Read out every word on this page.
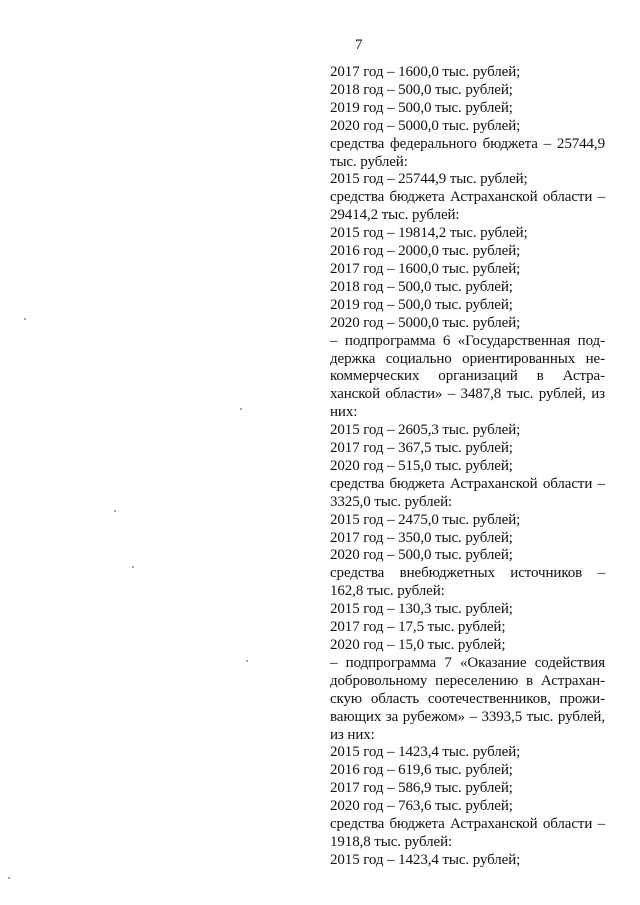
7
2017 год – 1600,0 тыс. рублей;
2018 год – 500,0 тыс. рублей;
2019 год – 500,0 тыс. рублей;
2020 год – 5000,0 тыс. рублей;
средства федерального бюджета – 25744,9
тыс. рублей:
2015 год – 25744,9 тыс. рублей;
средства бюджета Астраханской области –
29414,2 тыс. рублей:
2015 год – 19814,2 тыс. рублей;
2016 год – 2000,0 тыс. рублей;
2017 год – 1600,0 тыс. рублей;
2018 год – 500,0 тыс. рублей;
2019 год – 500,0 тыс. рублей;
2020 год – 5000,0 тыс. рублей;
– подпрограмма 6 «Государственная под-
держка социально ориентированных не-
коммерческих организаций в Астра-
ханской области» – 3487,8 тыс. рублей, из
них:
2015 год – 2605,3 тыс. рублей;
2017 год – 367,5 тыс. рублей;
2020 год – 515,0 тыс. рублей;
средства бюджета Астраханской области –
3325,0 тыс. рублей:
2015 год – 2475,0 тыс. рублей;
2017 год – 350,0 тыс. рублей;
2020 год – 500,0 тыс. рублей;
средства внебюджетных источников –
162,8 тыс. рублей:
2015 год – 130,3 тыс. рублей;
2017 год – 17,5 тыс. рублей;
2020 год – 15,0 тыс. рублей;
– подпрограмма 7 «Оказание содействия
добровольному переселению в Астрахан-
скую область соотечественников, прожи-
вающих за рубежом» – 3393,5 тыс. рублей,
из них:
2015 год – 1423,4 тыс. рублей;
2016 год – 619,6 тыс. рублей;
2017 год – 586,9 тыс. рублей;
2020 год – 763,6 тыс. рублей;
средства бюджета Астраханской области –
1918,8 тыс. рублей:
2015 год – 1423,4 тыс. рублей;
